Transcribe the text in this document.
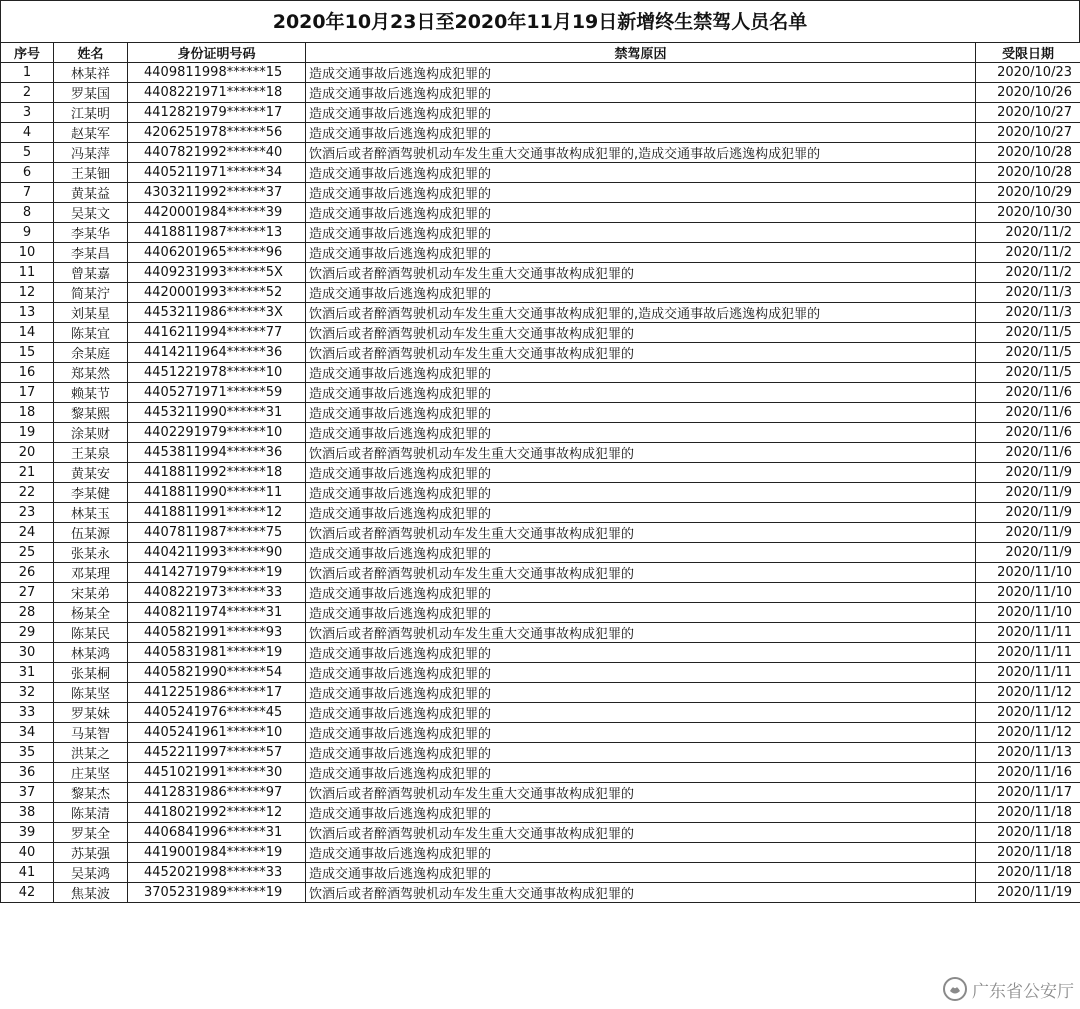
2020年10月23日至2020年11月19日新增终生禁驾人员名单
序号	姓名	身份证明号码	禁驾原因	受限日期
1	林某祥	4409811998******15	造成交通事故后逃逸构成犯罪的	2020/10/23
2	罗某国	4408221971******18	造成交通事故后逃逸构成犯罪的	2020/10/26
3	江某明	4412821979******17	造成交通事故后逃逸构成犯罪的	2020/10/27
4	赵某军	4206251978******56	造成交通事故后逃逸构成犯罪的	2020/10/27
5	冯某萍	4407821992******40	饮酒后或者醉酒驾驶机动车发生重大交通事故构成犯罪的,造成交通事故后逃逸构成犯罪的	2020/10/28
6	王某钿	4405211971******34	造成交通事故后逃逸构成犯罪的	2020/10/28
7	黄某益	4303211992******37	造成交通事故后逃逸构成犯罪的	2020/10/29
8	吴某文	4420001984******39	造成交通事故后逃逸构成犯罪的	2020/10/30
9	李某华	4418811987******13	造成交通事故后逃逸构成犯罪的	2020/11/2
10	李某昌	4406201965******96	造成交通事故后逃逸构成犯罪的	2020/11/2
11	曾某嘉	4409231993******5X	饮酒后或者醉酒驾驶机动车发生重大交通事故构成犯罪的	2020/11/2
12	简某泞	4420001993******52	造成交通事故后逃逸构成犯罪的	2020/11/3
13	刘某星	4453211986******3X	饮酒后或者醉酒驾驶机动车发生重大交通事故构成犯罪的,造成交通事故后逃逸构成犯罪的	2020/11/3
14	陈某宜	4416211994******77	饮酒后或者醉酒驾驶机动车发生重大交通事故构成犯罪的	2020/11/5
15	余某庭	4414211964******36	饮酒后或者醉酒驾驶机动车发生重大交通事故构成犯罪的	2020/11/5
16	郑某然	4451221978******10	造成交通事故后逃逸构成犯罪的	2020/11/5
17	赖某节	4405271971******59	造成交通事故后逃逸构成犯罪的	2020/11/6
18	黎某熙	4453211990******31	造成交通事故后逃逸构成犯罪的	2020/11/6
19	涂某财	4402291979******10	造成交通事故后逃逸构成犯罪的	2020/11/6
20	王某泉	4453811994******36	饮酒后或者醉酒驾驶机动车发生重大交通事故构成犯罪的	2020/11/6
21	黄某安	4418811992******18	造成交通事故后逃逸构成犯罪的	2020/11/9
22	李某健	4418811990******11	造成交通事故后逃逸构成犯罪的	2020/11/9
23	林某玉	4418811991******12	造成交通事故后逃逸构成犯罪的	2020/11/9
24	伍某源	4407811987******75	饮酒后或者醉酒驾驶机动车发生重大交通事故构成犯罪的	2020/11/9
25	张某永	4404211993******90	造成交通事故后逃逸构成犯罪的	2020/11/9
26	邓某理	4414271979******19	饮酒后或者醉酒驾驶机动车发生重大交通事故构成犯罪的	2020/11/10
27	宋某弟	4408221973******33	造成交通事故后逃逸构成犯罪的	2020/11/10
28	杨某全	4408211974******31	造成交通事故后逃逸构成犯罪的	2020/11/10
29	陈某民	4405821991******93	饮酒后或者醉酒驾驶机动车发生重大交通事故构成犯罪的	2020/11/11
30	林某鸿	4405831981******19	造成交通事故后逃逸构成犯罪的	2020/11/11
31	张某桐	4405821990******54	造成交通事故后逃逸构成犯罪的	2020/11/11
32	陈某坚	4412251986******17	造成交通事故后逃逸构成犯罪的	2020/11/12
33	罗某妹	4405241976******45	造成交通事故后逃逸构成犯罪的	2020/11/12
34	马某智	4405241961******10	造成交通事故后逃逸构成犯罪的	2020/11/12
35	洪某之	4452211997******57	造成交通事故后逃逸构成犯罪的	2020/11/13
36	庄某坚	4451021991******30	造成交通事故后逃逸构成犯罪的	2020/11/16
37	黎某杰	4412831986******97	饮酒后或者醉酒驾驶机动车发生重大交通事故构成犯罪的	2020/11/17
38	陈某清	4418021992******12	造成交通事故后逃逸构成犯罪的	2020/11/18
39	罗某全	4406841996******31	饮酒后或者醉酒驾驶机动车发生重大交通事故构成犯罪的	2020/11/18
40	苏某强	4419001984******19	造成交通事故后逃逸构成犯罪的	2020/11/18
41	吴某鸿	4452021998******33	造成交通事故后逃逸构成犯罪的	2020/11/18
42	焦某波	3705231989******19	饮酒后或者醉酒驾驶机动车发生重大交通事故构成犯罪的	2020/11/19
广东省公安厅
